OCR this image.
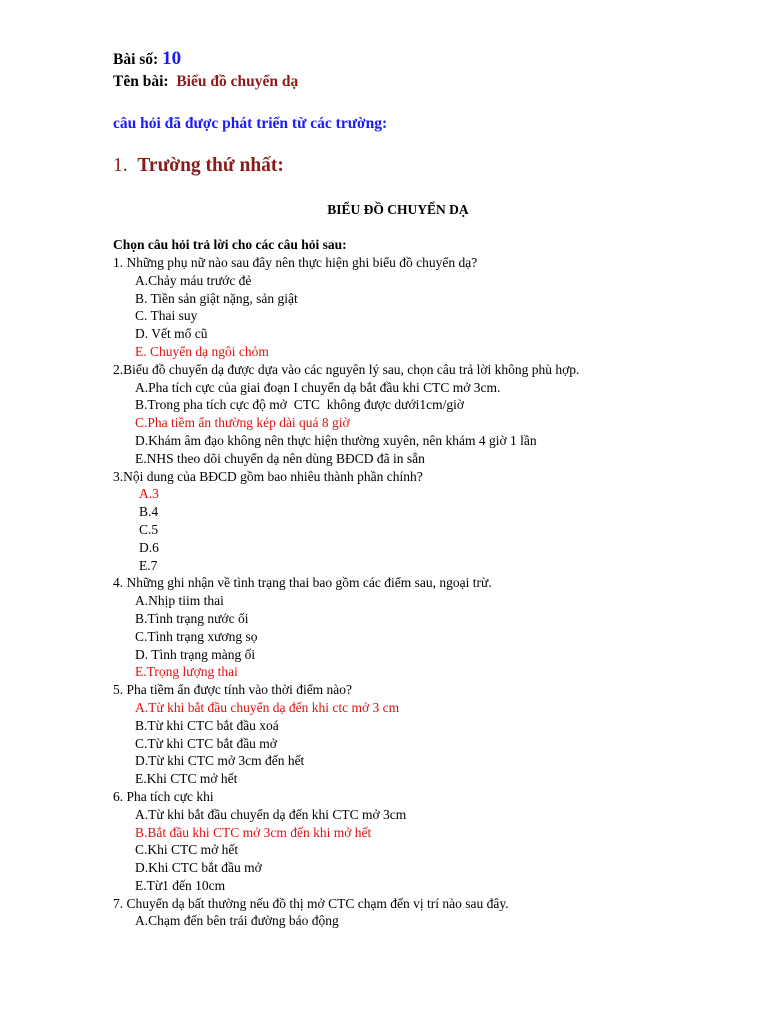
Bài số: 10
Tên bài: Biểu đồ chuyển dạ
câu hỏi đã được phát triển từ các trường:
1. Trường thứ nhất:
BIỂU ĐỒ CHUYỂN DẠ
Chọn câu hỏi trả lời cho các câu hỏi sau:
1. Những phụ nữ nào sau đây nên thực hiện ghi biểu đồ chuyển dạ?
A.Chảy máu trước đẻ
B. Tiền sản giật nặng, sản giật
C. Thai suy
D. Vết mổ cũ
E. Chuyển dạ ngôi chỏm
2.Biểu đồ chuyển dạ được dựa vào các nguyên lý sau, chọn câu trả lời không phù hợp.
A.Pha tích cực của giai đoạn I chuyển dạ bắt đầu khi CTC mở 3cm.
B.Trong pha tích cực độ mở  CTC  không được dưới1cm/giờ
C.Pha tiềm ẩn thường kép dài quá 8 giờ
D.Khám âm đạo không nên thực hiện thường xuyên, nên khám 4 giờ 1 lần
E.NHS theo dõi chuyển dạ nên dùng BĐCD đã in sẵn
3.Nội dung của BĐCD gồm bao nhiêu thành phần chính?
A.3
B.4
C.5
D.6
E.7
4. Những ghi nhận về tình trạng thai bao gồm các điểm sau, ngoại trừ.
A.Nhịp tiim thai
B.Tình trạng nước ối
C.Tình trạng xương sọ
D. Tình trạng màng ối
E.Trọng lượng thai
5. Pha tiềm ẩn được tính vào thời điểm nào?
A.Từ khi bắt đầu chuyển dạ đến khi ctc mở 3 cm
B.Từ khi CTC bắt đầu xoá
C.Từ khi CTC bắt đầu mở
D.Từ khi CTC mở 3cm đến hết
E.Khi CTC mở hết
6. Pha tích cực khi
A.Từ khi bắt đầu chuyển dạ đến khi CTC mở 3cm
B.Bắt đầu khi CTC mở 3cm đến khi mở hết
C.Khi CTC mở hết
D.Khi CTC bắt đầu mở
E.Từ1 đến 10cm
7. Chuyển dạ bất thường nếu đồ thị mở CTC chạm đến vị trí nào sau đây.
A.Chạm đến bên trái đường báo động
